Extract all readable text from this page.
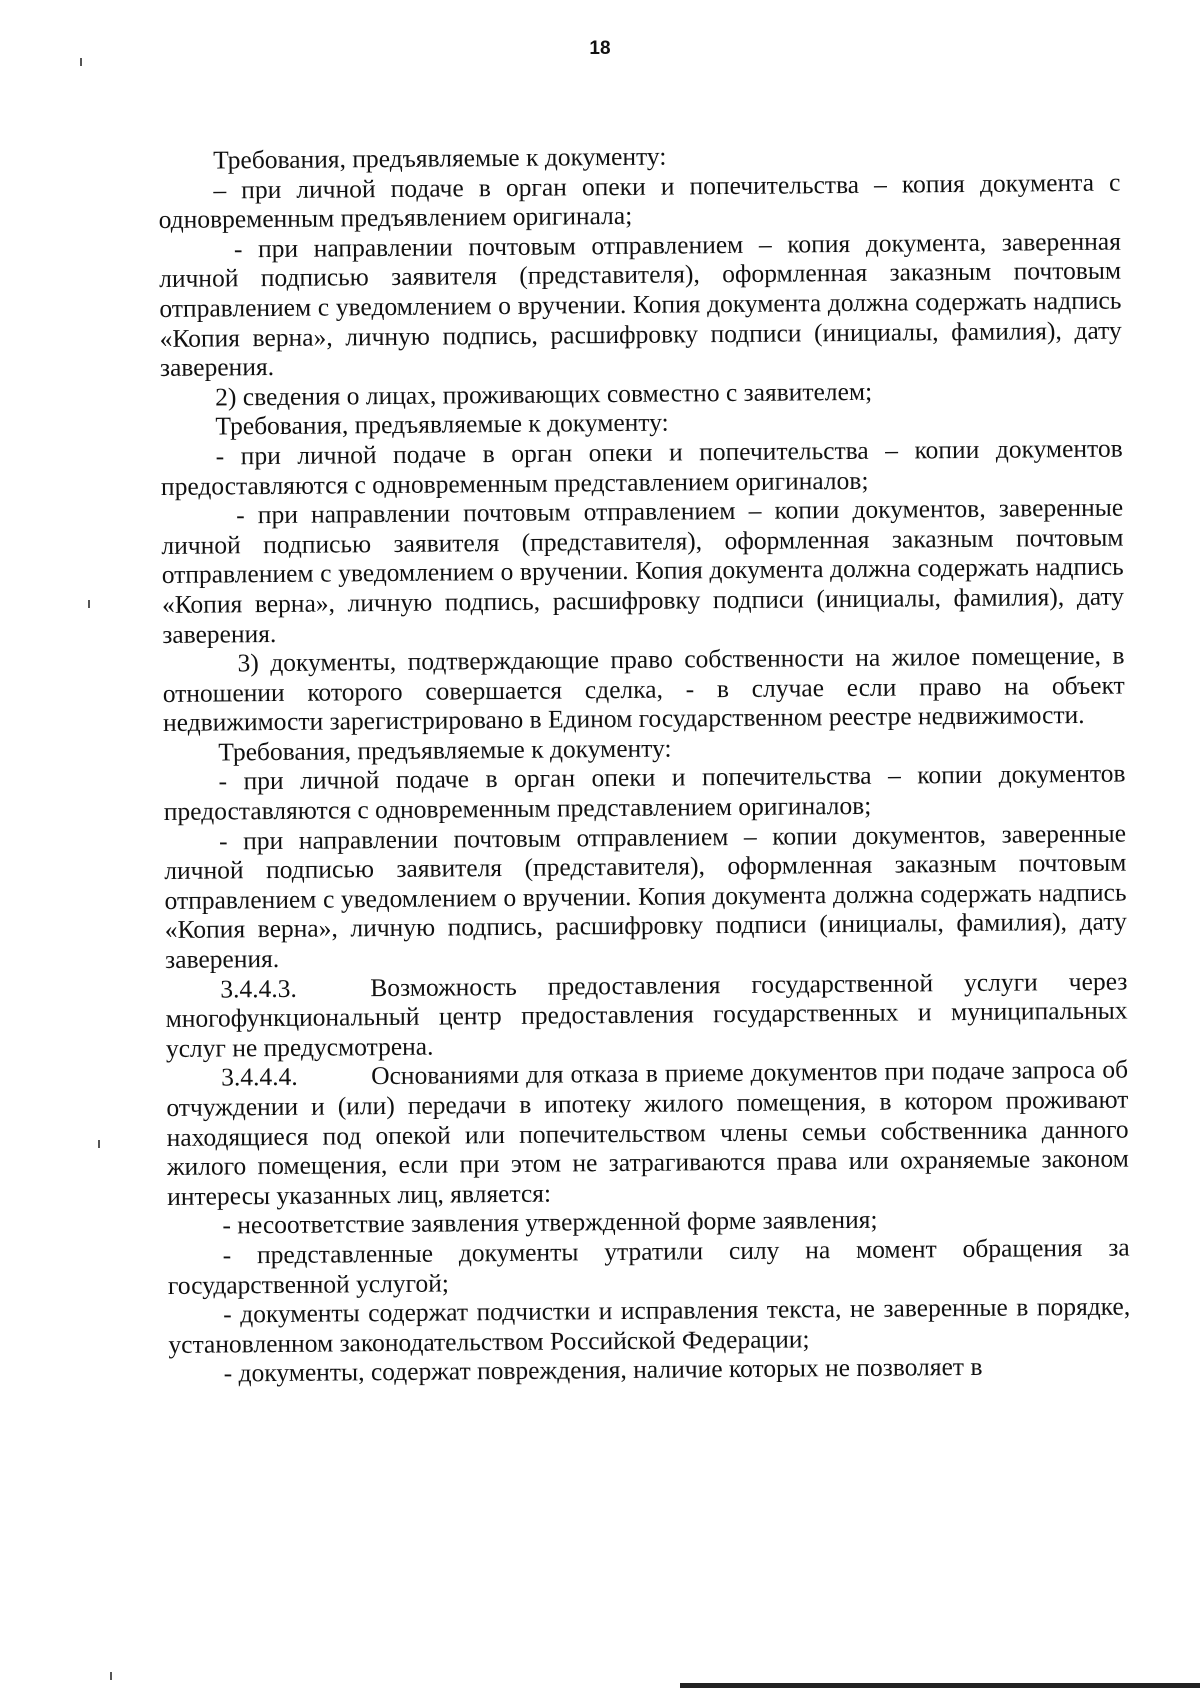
18

Требования, предъявляемые к документу:

– при личной подаче в орган опеки и попечительства – копия документа с одновременным предъявлением оригинала;

- при направлении почтовым отправлением – копия документа, заверенная личной подписью заявителя (представителя), оформленная заказным почтовым отправлением с уведомлением о вручении. Копия документа должна содержать надпись «Копия верна», личную подпись, расшифровку подписи (инициалы, фамилия), дату заверения.

2) сведения о лицах, проживающих совместно с заявителем;

Требования, предъявляемые к документу:

- при личной подаче в орган опеки и попечительства – копии документов предоставляются с одновременным представлением оригиналов;

- при направлении почтовым отправлением – копии документов, заверенные личной подписью заявителя (представителя), оформленная заказным почтовым отправлением с уведомлением о вручении. Копия документа должна содержать надпись «Копия верна», личную подпись, расшифровку подписи (инициалы, фамилия), дату заверения.

3) документы, подтверждающие право собственности на жилое помещение, в отношении которого совершается сделка, - в случае если право на объект недвижимости зарегистрировано в Едином государственном реестре недвижимости.

Требования, предъявляемые к документу:

- при личной подаче в орган опеки и попечительства – копии документов предоставляются с одновременным представлением оригиналов;

- при направлении почтовым отправлением – копии документов, заверенные личной подписью заявителя (представителя), оформленная заказным почтовым отправлением с уведомлением о вручении. Копия документа должна содержать надпись «Копия верна», личную подпись, расшифровку подписи (инициалы, фамилия), дату заверения.

3.4.4.3.	Возможность предоставления государственной услуги через многофункциональный центр предоставления государственных и муниципальных услуг не предусмотрена.

3.4.4.4.	Основаниями для отказа в приеме документов при подаче запроса об отчуждении и (или) передачи в ипотеку жилого помещения, в котором проживают находящиеся под опекой или попечительством члены семьи собственника данного жилого помещения, если при этом не затрагиваются права или охраняемые законом интересы указанных лиц, является:

- несоответствие заявления утвержденной форме заявления;

- представленные документы утратили силу на момент обращения за государственной услугой;

- документы содержат подчистки и исправления текста, не заверенные в порядке, установленном законодательством Российской Федерации;

- документы, содержат повреждения, наличие которых не позволяет в
